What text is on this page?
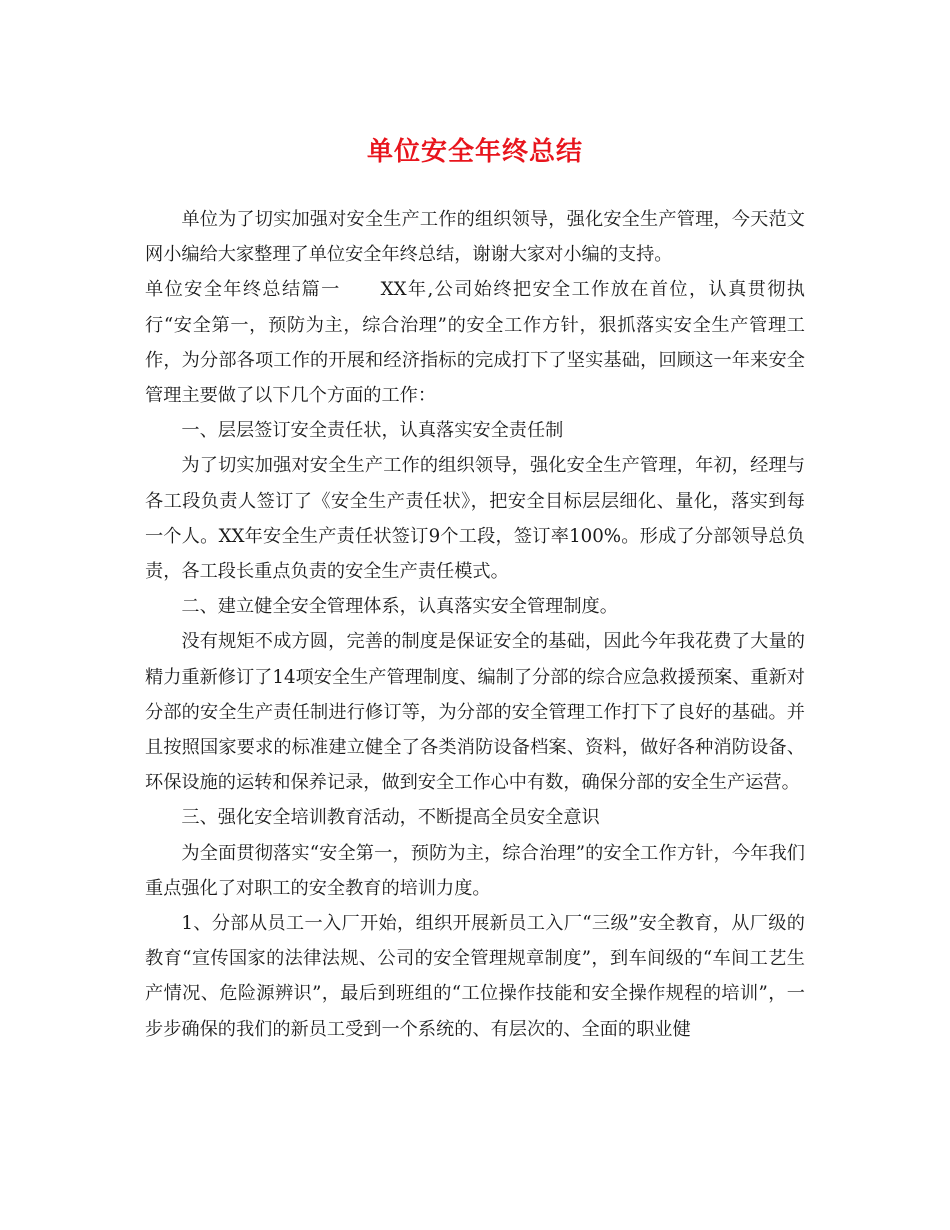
单位安全年终总结

单位为了切实加强对安全生产工作的组织领导，强化安全生产管理，今天范文网小编给大家整理了单位安全年终总结，谢谢大家对小编的支持。

单位安全年终总结篇一 XX年,公司始终把安全工作放在首位，认真贯彻执行“安全第一，预防为主，综合治理”的安全工作方针，狠抓落实安全生产管理工作，为分部各项工作的开展和经济指标的完成打下了坚实基础，回顾这一年来安全管理主要做了以下几个方面的工作：

一、层层签订安全责任状，认真落实安全责任制

为了切实加强对安全生产工作的组织领导，强化安全生产管理，年初，经理与各工段负责人签订了《安全生产责任状》，把安全目标层层细化、量化，落实到每一个人。XX年安全生产责任状签订9个工段，签订率100%。形成了分部领导总负责，各工段长重点负责的安全生产责任模式。

二、建立健全安全管理体系，认真落实安全管理制度。

没有规矩不成方圆，完善的制度是保证安全的基础，因此今年我花费了大量的精力重新修订了14项安全生产管理制度、编制了分部的综合应急救援预案、重新对分部的安全生产责任制进行修订等，为分部的安全管理工作打下了良好的基础。并且按照国家要求的标准建立健全了各类消防设备档案、资料，做好各种消防设备、环保设施的运转和保养记录，做到安全工作心中有数，确保分部的安全生产运营。

三、强化安全培训教育活动，不断提高全员安全意识

为全面贯彻落实“安全第一，预防为主，综合治理”的安全工作方针，今年我们重点强化了对职工的安全教育的培训力度。

1、分部从员工一入厂开始，组织开展新员工入厂“三级”安全教育，从厂级的教育“宣传国家的法律法规、公司的安全管理规章制度”，到车间级的“车间工艺生产情况、危险源辨识”，最后到班组的“工位操作技能和安全操作规程的培训”，一步步确保的我们的新员工受到一个系统的、有层次的、全面的职业健
